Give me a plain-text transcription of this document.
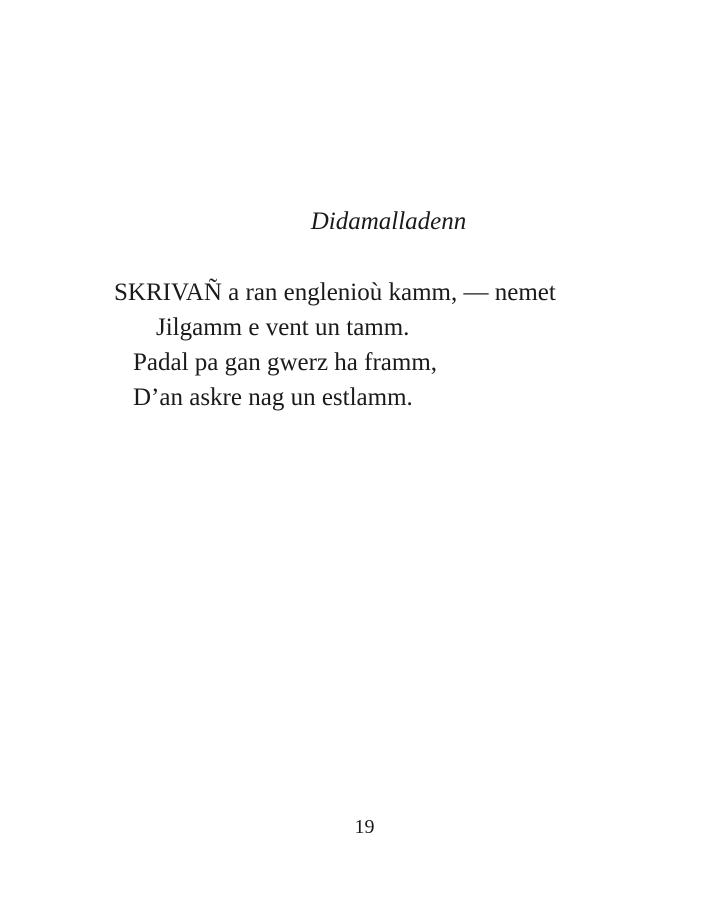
Didamalladenn
SKRIVAÑ a ran englenioù kamm, — nemet
Jilgamm e vent un tamm.
Padal pa gan gwerz ha framm,
D’an askre nag un estlamm.
19
